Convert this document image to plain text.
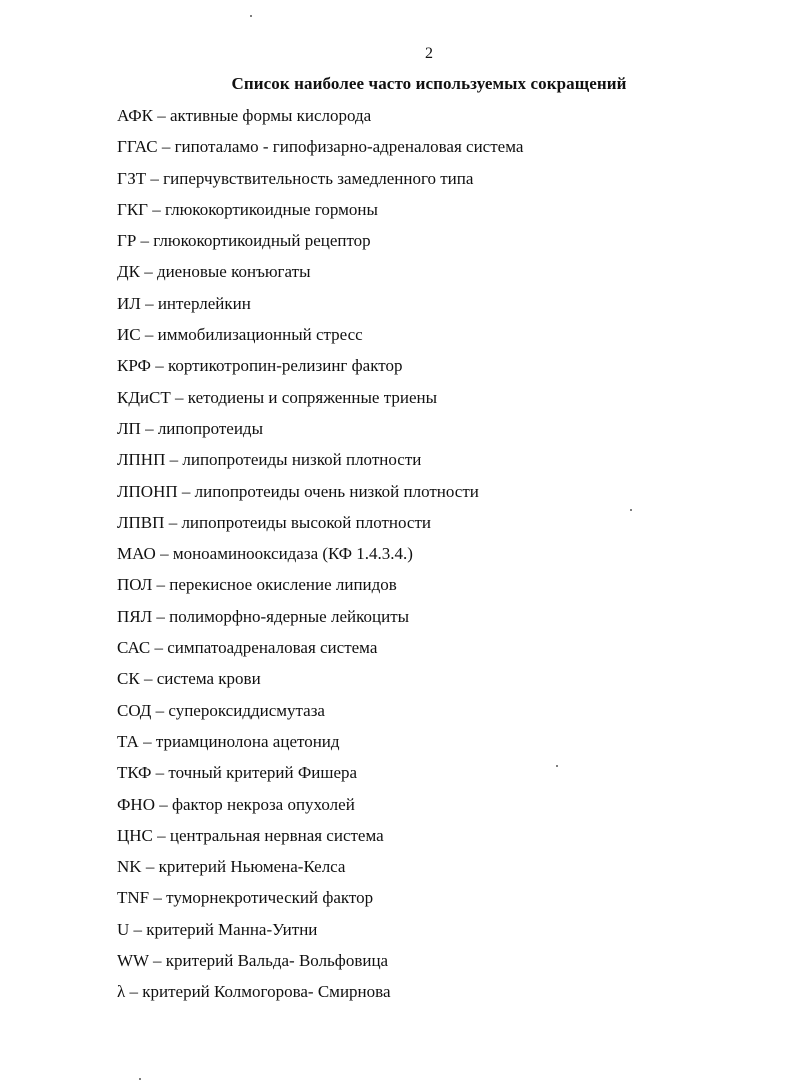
2
Список наиболее часто используемых сокращений
АФК – активные формы кислорода
ГГАС – гипоталамо - гипофизарно-адреналовая система
ГЗТ – гиперчувствительность замедленного типа
ГКГ – глюкокортикоидные гормоны
ГР – глюкокортикоидный рецептор
ДК – диеновые конъюгаты
ИЛ – интерлейкин
ИС – иммобилизационный стресс
КРФ – кортикотропин-релизинг фактор
КДиСТ – кетодиены и сопряженные триены
ЛП – липопротеиды
ЛПНП – липопротеиды низкой плотности
ЛПОНП – липопротеиды очень низкой плотности
ЛПВП – липопротеиды высокой плотности
МАО – моноаминооксидаза (КФ 1.4.3.4.)
ПОЛ – перекисное окисление липидов
ПЯЛ – полиморфно-ядерные лейкоциты
САС – симпатоадреналовая система
СК – система крови
СОД – супероксиддисмутаза
ТА – триамцинолона ацетонид
ТКФ – точный критерий Фишера
ФНО – фактор некроза опухолей
ЦНС – центральная нервная система
NK – критерий Ньюмена-Келса
TNF – туморнекротический фактор
U – критерий Манна-Уитни
WW – критерий Вальда- Вольфовица
λ – критерий Колмогорова- Смирнова
